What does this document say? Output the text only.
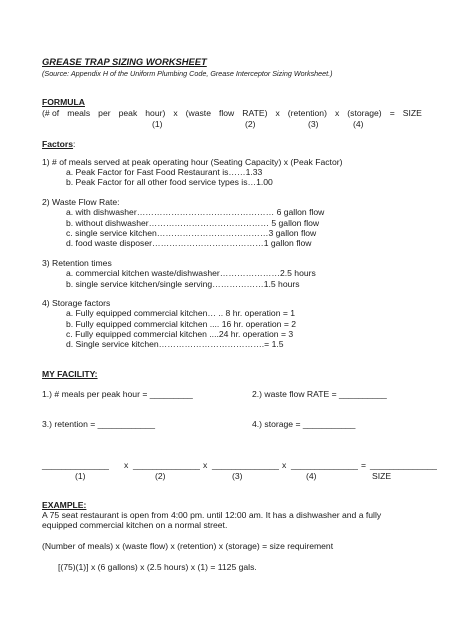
GREASE TRAP SIZING WORKSHEET
(Source: Appendix H of the Uniform Plumbing Code, Grease Interceptor Sizing Worksheet.)
FORMULA
(# of meals per peak hour) x (waste flow RATE) x (retention) x (storage) = SIZE
(1)	(2)	(3)	(4)
Factors:
1) # of meals served at peak operating hour (Seating Capacity) x (Peak Factor)
a. Peak Factor for Fast Food Restaurant is……1.33
b. Peak Factor for all other food service types is…1.00
2) Waste Flow Rate:
a. with dishwasher………………………………………… 6 gallon flow
b. without dishwasher…………………………………… 5 gallon flow
c. single service kitchen…………………………………3 gallon flow
d. food waste disposer…………………………………1 gallon flow
3) Retention times
a. commercial kitchen waste/dishwasher…………………2.5 hours
b. single service kitchen/single serving………………1.5 hours
4) Storage factors
a. Fully equipped commercial kitchen… .. 8 hr. operation = 1
b. Fully equipped commercial kitchen .... 16 hr. operation = 2
c. Fully equipped commercial kitchen ....24 hr. operation = 3
d. Single service kitchen……………………………….= 1.5
MY FACILITY:
1.) # meals per peak hour = _________	2.) waste flow RATE = __________
3.) retention = ____________	4.) storage = ___________
______________ x ______________ x ______________ x ______________ = ______________
(1)	(2)	(3)	(4)	SIZE
EXAMPLE:
A 75 seat restaurant is open from 4:00 pm. until 12:00 am. It has a dishwasher and a fully
equipped commercial kitchen on a normal street.
(Number of meals) x (waste flow) x (retention) x (storage) = size requirement
[(75)(1)] x (6 gallons) x (2.5 hours) x (1) = 1125 gals.
